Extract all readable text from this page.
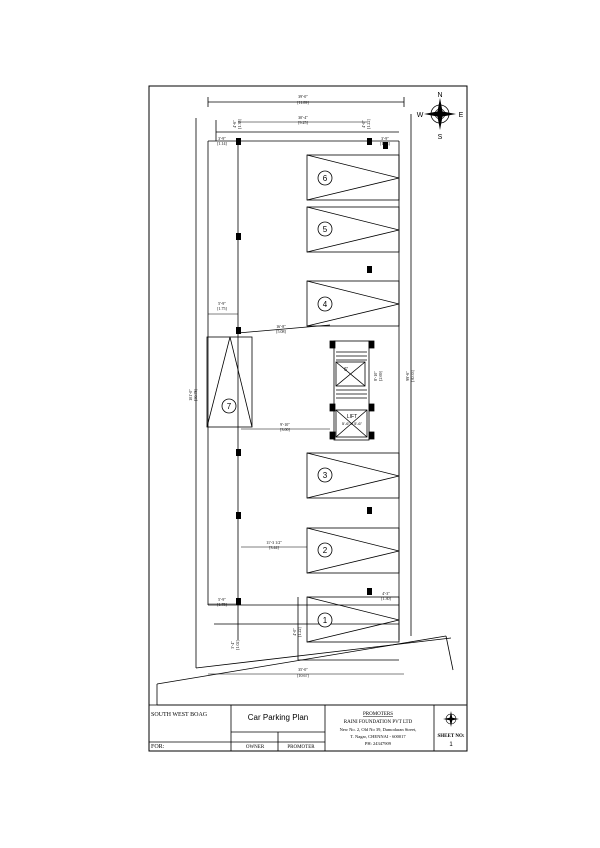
N
S
E
W
6'
LIFT
5'-6" x 5'-6"
6
5
4
3
2
1
7
39'-0"
[11.89]
30'-4"
[9.25]
4'-6" [1.38]	4'-0" [1.22]
3'-9"
[1.14]
3'-9"
[1.14]
5'-9"
[1.75]
16'-8"
[5.08]
8'-10" [2.69]
101'-0" [30.78]
99'-6" [30.33]
9'-10"
[3.00]
11'-3 1/2"
[3.44]
5'-9"
[1.75]
4'-3"
[1.30]
3'-4" [1.02]
4'-0" [1.22]
35'-0"
[10.67]
SOUTH WEST BOAG
FOR:
Car Parking Plan
OWNER	PROMOTER
PROMOTERS
RAINI FOUNDATION PVT LTD
New No. 2, Old No 39, Damodaran Street,
T. Nagar, CHENNAI - 600017
PH: 24347909
SHEET NO:
1
